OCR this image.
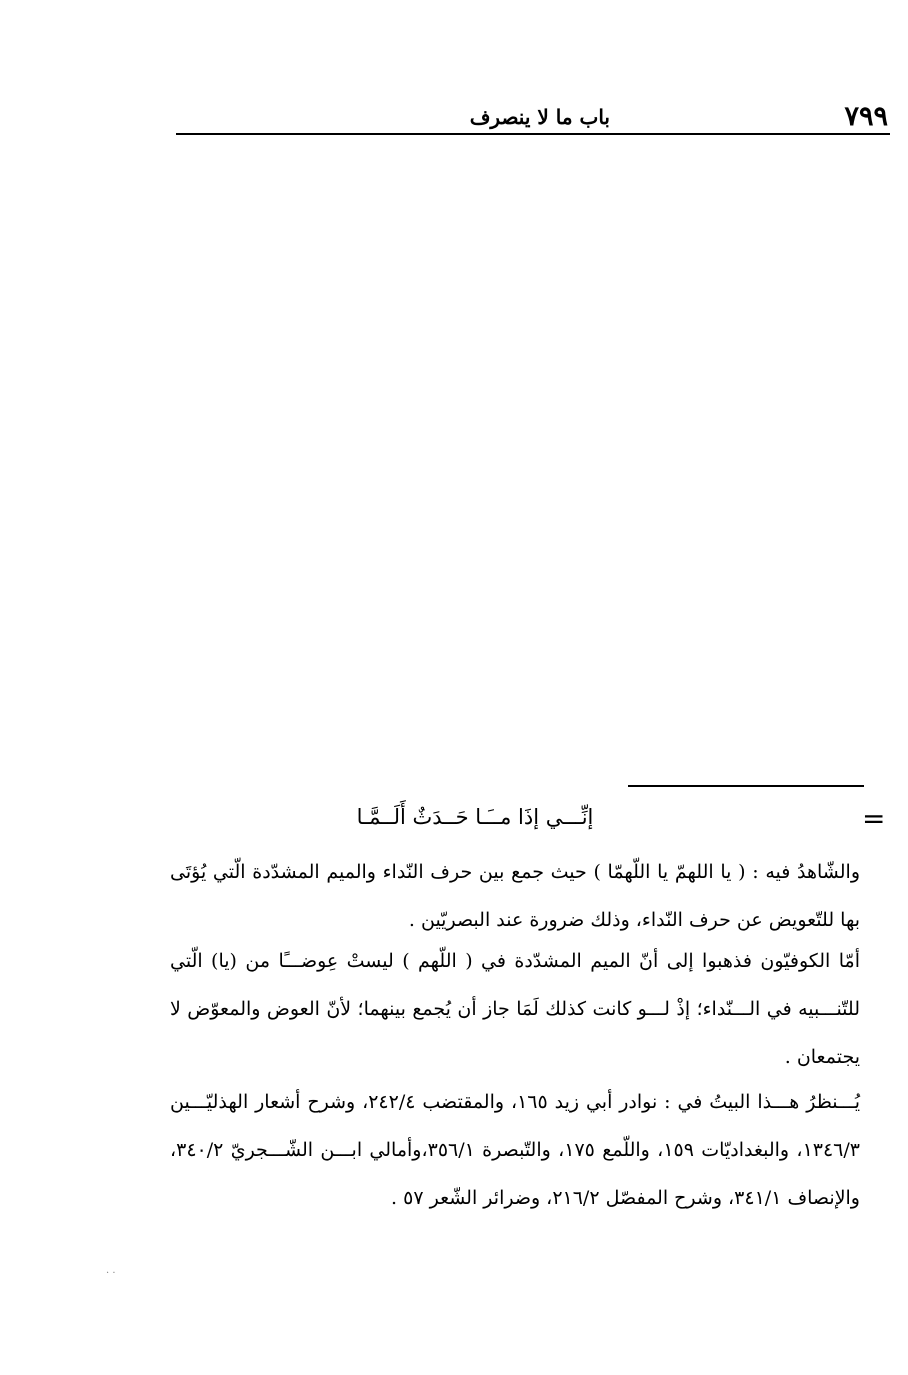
٧٩٩
باب ما لا ينصرف
=
إنِّـــي إذَا مــَـا حَــدَثٌ أَلَــمَّـا
والشّاهدُ فيه : ( يا اللهمّ يا اللّهمّا ) حيث جمع بين حرف النّداء والميم المشدّدة الّتي يُؤتَى بها للتّعويض عن حرف النّداء، وذلك ضرورة عند البصريّين .
أمّا الكوفيّون فذهبوا إلى أنّ الميم المشدّدة في ( اللّهم ) ليستْ عِوضـــًا من (يا) الّتي للتّنـــبيه في الـــنّداء؛ إذْ لـــو كانت كذلك لَمَا جاز أن يُجمع بينهما؛ لأنّ العوض والمعوّض لا يجتمعان .
يُـــنظرُ هـــذا البيتُ في : نوادر أبي زيد ١٦٥، والمقتضب ٢٤٢/٤، وشرح أشعار الهذليّـــين ١٣٤٦/٣، والبغداديّات ١٥٩، واللّمع ١٧٥، والتّبصرة ٣٥٦/١،وأمالي ابـــن الشّـــجريّ ٣٤٠/٢، والإنصاف ٣٤١/١، وشرح المفصّل ٢١٦/٢، وضرائر الشّعر ٥٧ .
· ·
